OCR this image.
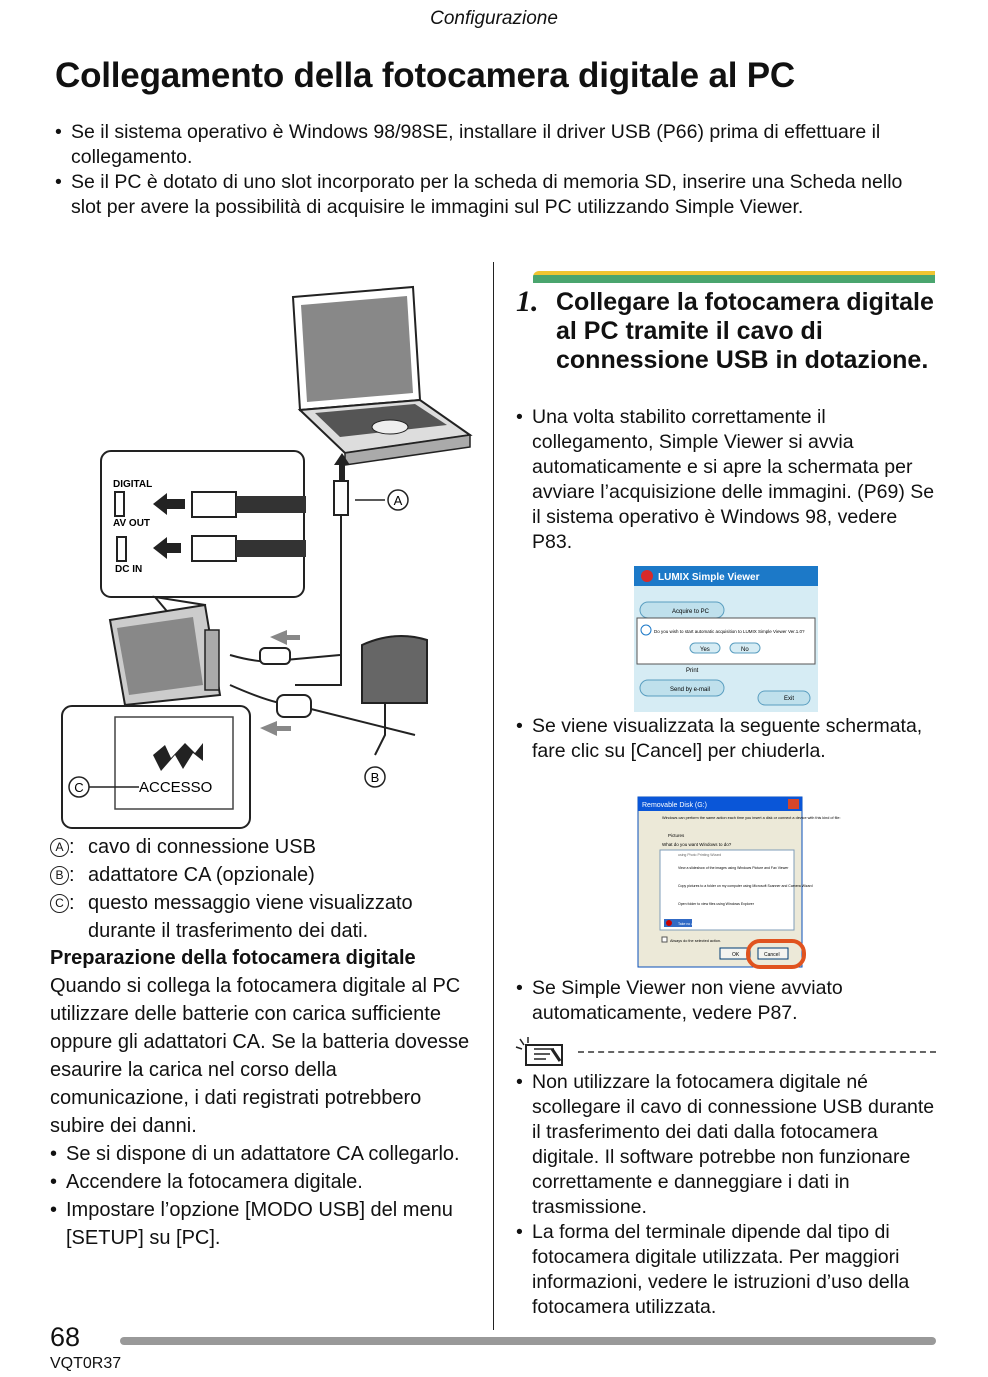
Configurazione
Collegamento della fotocamera digitale al PC
• Se il sistema operativo è Windows 98/98SE, installare il driver USB (P66) prima di effettuare il collegamento.
• Se il PC è dotato di uno slot incorporato per la scheda di memoria SD, inserire una Scheda nello slot per avere la possibilità di acquisire le immagini sul PC utilizzando Simple Viewer.
A
DIGITAL
AV OUT
DC IN
B
ACCESSO
C
A : cavo di connessione USB
B : adattatore CA (opzionale)
C : questo messaggio viene visualizzato durante il trasferimento dei dati.
Preparazione della fotocamera digitale

Quando si collega la fotocamera digitale al PC utilizzare delle batterie con carica sufficiente oppure gli adattatori CA. Se la batteria dovesse esaurire la carica nel corso della comunicazione, i dati registrati potrebbero subire dei danni.

• Se si dispone di un adattatore CA collegarlo.
• Accendere la fotocamera digitale.
• Impostare l’opzione [MODO USB] del menu [SETUP] su [PC].
1. Collegare la fotocamera digitale al PC tramite il cavo di connessione USB in dotazione.
• Una volta stabilito correttamente il collegamento, Simple Viewer si avvia automaticamente e si apre la schermata per avviare l’acquisizione delle immagini. (P69) Se il sistema operativo è Windows 98, vedere P83.
LUMIX Simple Viewer
Acquire to PC
Do you wish to start automatic acquisition to LUMIX Simple Viewer Ver.1.0?
Yes	No
Print
Send by e-mail
Exit
• Se viene visualizzata la seguente schermata, fare clic su [Cancel] per chiuderla.
Removable Disk (G:)
Windows can perform the same action each time you insert a disk or connect a device with this kind of file:
Pictures
What do you want Windows to do?
using Photo Printing Wizard
View a slideshow of the images using Windows Picture and Fax Viewer
Copy pictures to a folder on my computer using Microsoft Scanner and Camera Wizard
Open folder to view files using Windows Explorer
Take no action
Always do the selected action.
OK	Cancel
• Se Simple Viewer non viene avviato automaticamente, vedere P87.
• Non utilizzare la fotocamera digitale né scollegare il cavo di connessione USB durante il trasferimento dei dati dalla fotocamera digitale. Il software potrebbe non funzionare correttamente e danneggiare i dati in trasmissione.
• La forma del terminale dipende dal tipo di fotocamera digitale utilizzata. Per maggiori informazioni, vedere le istruzioni d’uso della fotocamera utilizzata.
68
VQT0R37
